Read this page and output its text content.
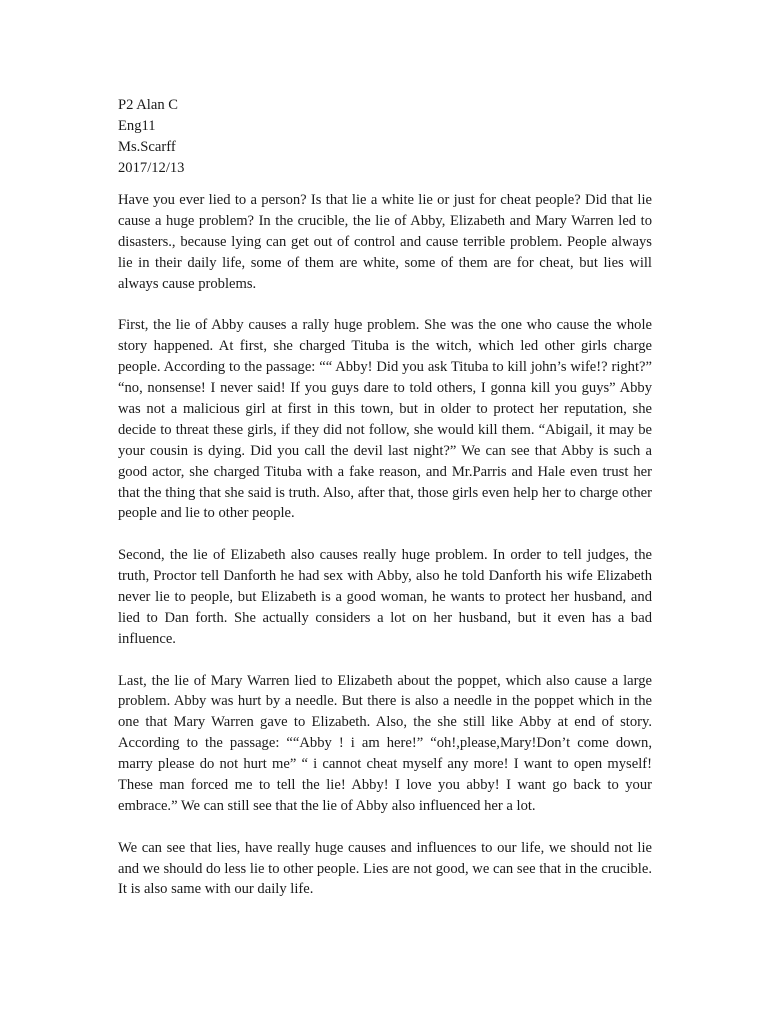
P2 Alan C
Eng11
Ms.Scarff
2017/12/13

Have you ever lied to a person? Is that lie a white lie or just for cheat people? Did that lie cause a huge problem? In the crucible, the lie of Abby, Elizabeth and Mary Warren led to disasters., because lying can get out of control and cause terrible problem. People always lie in their daily life, some of them are white, some of them are for cheat, but lies will always cause problems.

First, the lie of Abby causes a rally huge problem. She was the one who cause the whole story happened. At first, she charged Tituba is the witch, which led other girls charge people. According to the passage: ““ Abby! Did you ask Tituba to kill john’s wife!? right?” “no, nonsense! I never said! If you guys dare to told others, I gonna kill you guys” Abby was not a malicious girl at first in this town, but in older to protect her reputation, she decide to threat these girls, if they did not follow, she would kill them. “Abigail, it may be your cousin is dying. Did you call the devil last night?” We can see that Abby is such a good actor, she charged Tituba with a fake reason, and Mr.Parris and Hale even trust her that the thing that she said is truth. Also, after that, those girls even help her to charge other people and lie to other people.

Second, the lie of Elizabeth also causes really huge problem. In order to tell judges, the truth, Proctor tell Danforth he had sex with Abby, also he told Danforth his wife Elizabeth never lie to people, but Elizabeth is a good woman, he wants to protect her husband, and lied to Dan forth. She actually considers a lot on her husband, but it even has a bad influence.

Last, the lie of Mary Warren lied to Elizabeth about the poppet, which also cause a large problem. Abby was hurt by a needle. But there is also a needle in the poppet which in the one that Mary Warren gave to Elizabeth. Also, the she still like Abby at end of story. According to the passage: ““Abby ! i am here!” “oh!,please,Mary!Don’t come down, marry please do not hurt me” “ i cannot cheat myself any more! I want to open myself! These man forced me to tell the lie! Abby! I love you abby! I want go back to your embrace.” We can still see that the lie of Abby also influenced her a lot.

We can see that lies, have really huge causes and influences to our life, we should not lie and we should do less lie to other people. Lies are not good, we can see that in the crucible. It is also same with our daily life.
